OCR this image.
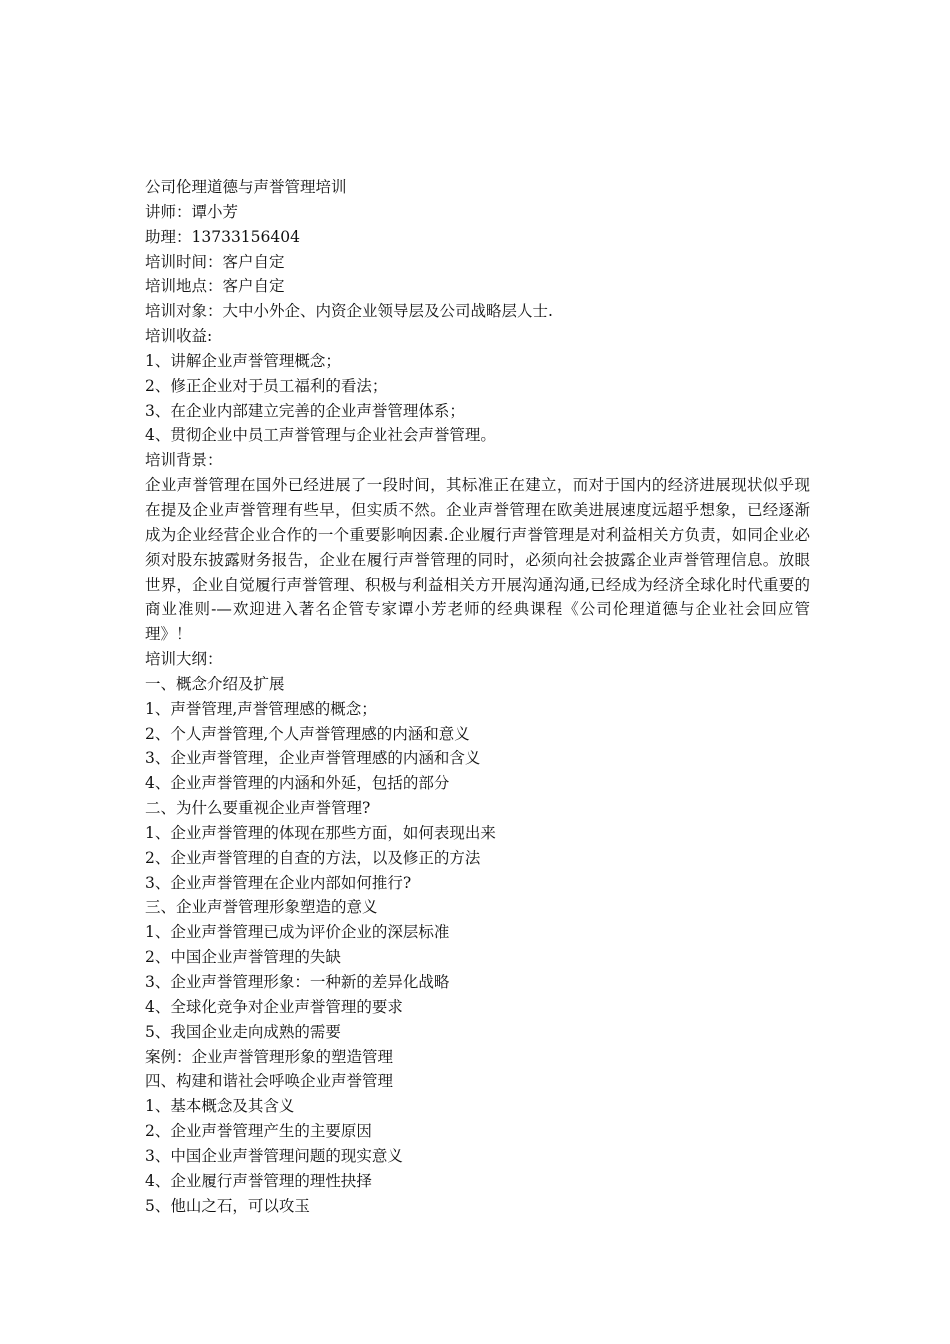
公司伦理道德与声誉管理培训
讲师：谭小芳
助理：13733156404
培训时间：客户自定
培训地点：客户自定
培训对象：大中小外企、内资企业领导层及公司战略层人士.
培训收益:
1、讲解企业声誉管理概念；
2、修正企业对于员工福利的看法；
3、在企业内部建立完善的企业声誉管理体系；
4、贯彻企业中员工声誉管理与企业社会声誉管理。
培训背景：

企业声誉管理在国外已经进展了一段时间，其标准正在建立，而对于国内的经济进展现状似乎现在提及企业声誉管理有些早，但实质不然。企业声誉管理在欧美进展速度远超乎想象，已经逐渐成为企业经营企业合作的一个重要影响因素.企业履行声誉管理是对利益相关方负责，如同企业必须对股东披露财务报告，企业在履行声誉管理的同时，必须向社会披露企业声誉管理信息。放眼世界，企业自觉履行声誉管理、积极与利益相关方开展沟通沟通,已经成为经济全球化时代重要的商业准则-—欢迎进入著名企管专家谭小芳老师的经典课程《公司伦理道德与企业社会回应管理》！

培训大纲：
一、概念介绍及扩展
1、声誉管理,声誉管理感的概念；
2、个人声誉管理,个人声誉管理感的内涵和意义
3、企业声誉管理，企业声誉管理感的内涵和含义
4、企业声誉管理的内涵和外延，包括的部分
二、为什么要重视企业声誉管理?
1、企业声誉管理的体现在那些方面，如何表现出来
2、企业声誉管理的自查的方法，以及修正的方法
3、企业声誉管理在企业内部如何推行?
三、企业声誉管理形象塑造的意义
1、企业声誉管理已成为评价企业的深层标准
2、中国企业声誉管理的失缺
3、企业声誉管理形象：一种新的差异化战略
4、全球化竞争对企业声誉管理的要求
5、我国企业走向成熟的需要
案例：企业声誉管理形象的塑造管理
四、构建和谐社会呼唤企业声誉管理
1、基本概念及其含义
2、企业声誉管理产生的主要原因
3、中国企业声誉管理问题的现实意义
4、企业履行声誉管理的理性抉择
5、他山之石，可以攻玉
